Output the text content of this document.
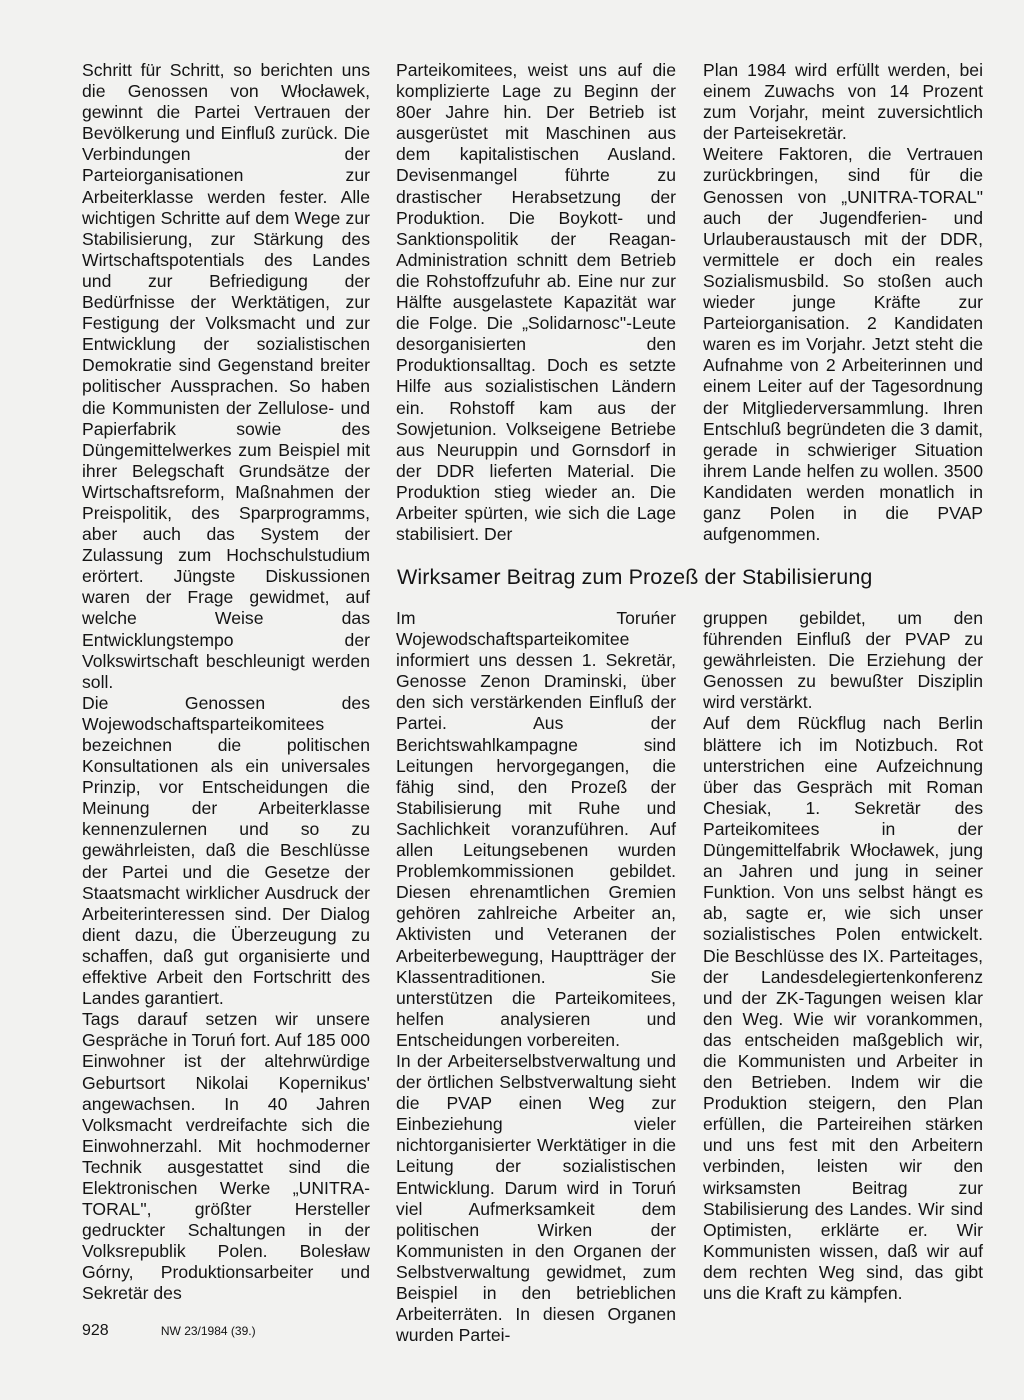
Schritt für Schritt, so berichten uns die Genossen von Włocławek, gewinnt die Partei Vertrauen der Bevölkerung und Einfluß zurück. Die Verbindungen der Parteiorganisationen zur Arbeiterklasse werden fester. Alle wichtigen Schritte auf dem Wege zur Stabilisierung, zur Stärkung des Wirtschaftspotentials des Landes und zur Befriedigung der Bedürfnisse der Werktätigen, zur Festigung der Volksmacht und zur Entwicklung der sozialistischen Demokratie sind Gegenstand breiter politischer Aussprachen. So haben die Kommunisten der Zellulose- und Papierfabrik sowie des Düngemittelwerkes zum Beispiel mit ihrer Belegschaft Grundsätze der Wirtschaftsreform, Maßnahmen der Preispolitik, des Sparprogramms, aber auch das System der Zulassung zum Hochschulstudium erörtert. Jüngste Diskussionen waren der Frage gewidmet, auf welche Weise das Entwicklungstempo der Volkswirtschaft beschleunigt werden soll.

Die Genossen des Wojewodschaftsparteikomitees bezeichnen die politischen Konsultationen als ein universales Prinzip, vor Entscheidungen die Meinung der Arbeiterklasse kennenzulernen und so zu gewährleisten, daß die Beschlüsse der Partei und die Gesetze der Staatsmacht wirklicher Ausdruck der Arbeiterinteressen sind. Der Dialog dient dazu, die Überzeugung zu schaffen, daß gut organisierte und effektive Arbeit den Fortschritt des Landes garantiert.

Tags darauf setzen wir unsere Gespräche in Toruń fort. Auf 185 000 Einwohner ist der altehrwürdige Geburtsort Nikolai Kopernikus' angewachsen. In 40 Jahren Volksmacht verdreifachte sich die Einwohnerzahl. Mit hochmoderner Technik ausgestattet sind die Elektronischen Werke „UNITRA-TORAL", größter Hersteller gedruckter Schaltungen in der Volksrepublik Polen. Bolesław Górny, Produktionsarbeiter und Sekretär des

Parteikomitees, weist uns auf die komplizierte Lage zu Beginn der 80er Jahre hin. Der Betrieb ist ausgerüstet mit Maschinen aus dem kapitalistischen Ausland. Devisenmangel führte zu drastischer Herabsetzung der Produktion. Die Boykott- und Sanktionspolitik der Reagan-Administration schnitt dem Betrieb die Rohstoffzufuhr ab. Eine nur zur Hälfte ausgelastete Kapazität war die Folge. Die „Solidarnosc"-Leute desorganisierten den Produktionsalltag. Doch es setzte Hilfe aus sozialistischen Ländern ein. Rohstoff kam aus der Sowjetunion. Volkseigene Betriebe aus Neuruppin und Gornsdorf in der DDR lieferten Material. Die Produktion stieg wieder an. Die Arbeiter spürten, wie sich die Lage stabilisiert. Der

Plan 1984 wird erfüllt werden, bei einem Zuwachs von 14 Prozent zum Vorjahr, meint zuversichtlich der Parteisekretär.

Weitere Faktoren, die Vertrauen zurückbringen, sind für die Genossen von „UNITRA-TORAL" auch der Jugendferien- und Urlauberaustausch mit der DDR, vermittele er doch ein reales Sozialismusbild. So stoßen auch wieder junge Kräfte zur Parteiorganisation. 2 Kandidaten waren es im Vorjahr. Jetzt steht die Aufnahme von 2 Arbeiterinnen und einem Leiter auf der Tagesordnung der Mitgliederversammlung. Ihren Entschluß begründeten die 3 damit, gerade in schwieriger Situation ihrem Lande helfen zu wollen. 3500 Kandidaten werden monatlich in ganz Polen in die PVAP aufgenommen.

Wirksamer Beitrag zum Prozeß der Stabilisierung

Im Toruńer Wojewodschaftsparteikomitee informiert uns dessen 1. Sekretär, Genosse Zenon Draminski, über den sich verstärkenden Einfluß der Partei. Aus der Berichtswahlkampagne sind Leitungen hervorgegangen, die fähig sind, den Prozeß der Stabilisierung mit Ruhe und Sachlichkeit voranzuführen. Auf allen Leitungsebenen wurden Problemkommissionen gebildet. Diesen ehrenamtlichen Gremien gehören zahlreiche Arbeiter an, Aktivisten und Veteranen der Arbeiterbewegung, Hauptträger der Klassentraditionen. Sie unterstützen die Parteikomitees, helfen analysieren und Entscheidungen vorbereiten.

In der Arbeiterselbstverwaltung und der örtlichen Selbstverwaltung sieht die PVAP einen Weg zur Einbeziehung vieler nichtorganisierter Werktätiger in die Leitung der sozialistischen Entwicklung. Darum wird in Toruń viel Aufmerksamkeit dem politischen Wirken der Kommunisten in den Organen der Selbstverwaltung gewidmet, zum Beispiel in den betrieblichen Arbeiterräten. In diesen Organen wurden Partei-

gruppen gebildet, um den führenden Einfluß der PVAP zu gewährleisten. Die Erziehung der Genossen zu bewußter Disziplin wird verstärkt.

Auf dem Rückflug nach Berlin blättere ich im Notizbuch. Rot unterstrichen eine Aufzeichnung über das Gespräch mit Roman Chesiak, 1. Sekretär des Parteikomitees in der Düngemittelfabrik Włocławek, jung an Jahren und jung in seiner Funktion. Von uns selbst hängt es ab, sagte er, wie sich unser sozialistisches Polen entwickelt. Die Beschlüsse des IX. Parteitages, der Landesdelegiertenkonferenz und der ZK-Tagungen weisen klar den Weg. Wie wir vorankommen, das entscheiden maßgeblich wir, die Kommunisten und Arbeiter in den Betrieben. Indem wir die Produktion steigern, den Plan erfüllen, die Parteireihen stärken und uns fest mit den Arbeitern verbinden, leisten wir den wirksamsten Beitrag zur Stabilisierung des Landes. Wir sind Optimisten, erklärte er. Wir Kommunisten wissen, daß wir auf dem rechten Weg sind, das gibt uns die Kraft zu kämpfen.

928	NW 23/1984 (39.)
